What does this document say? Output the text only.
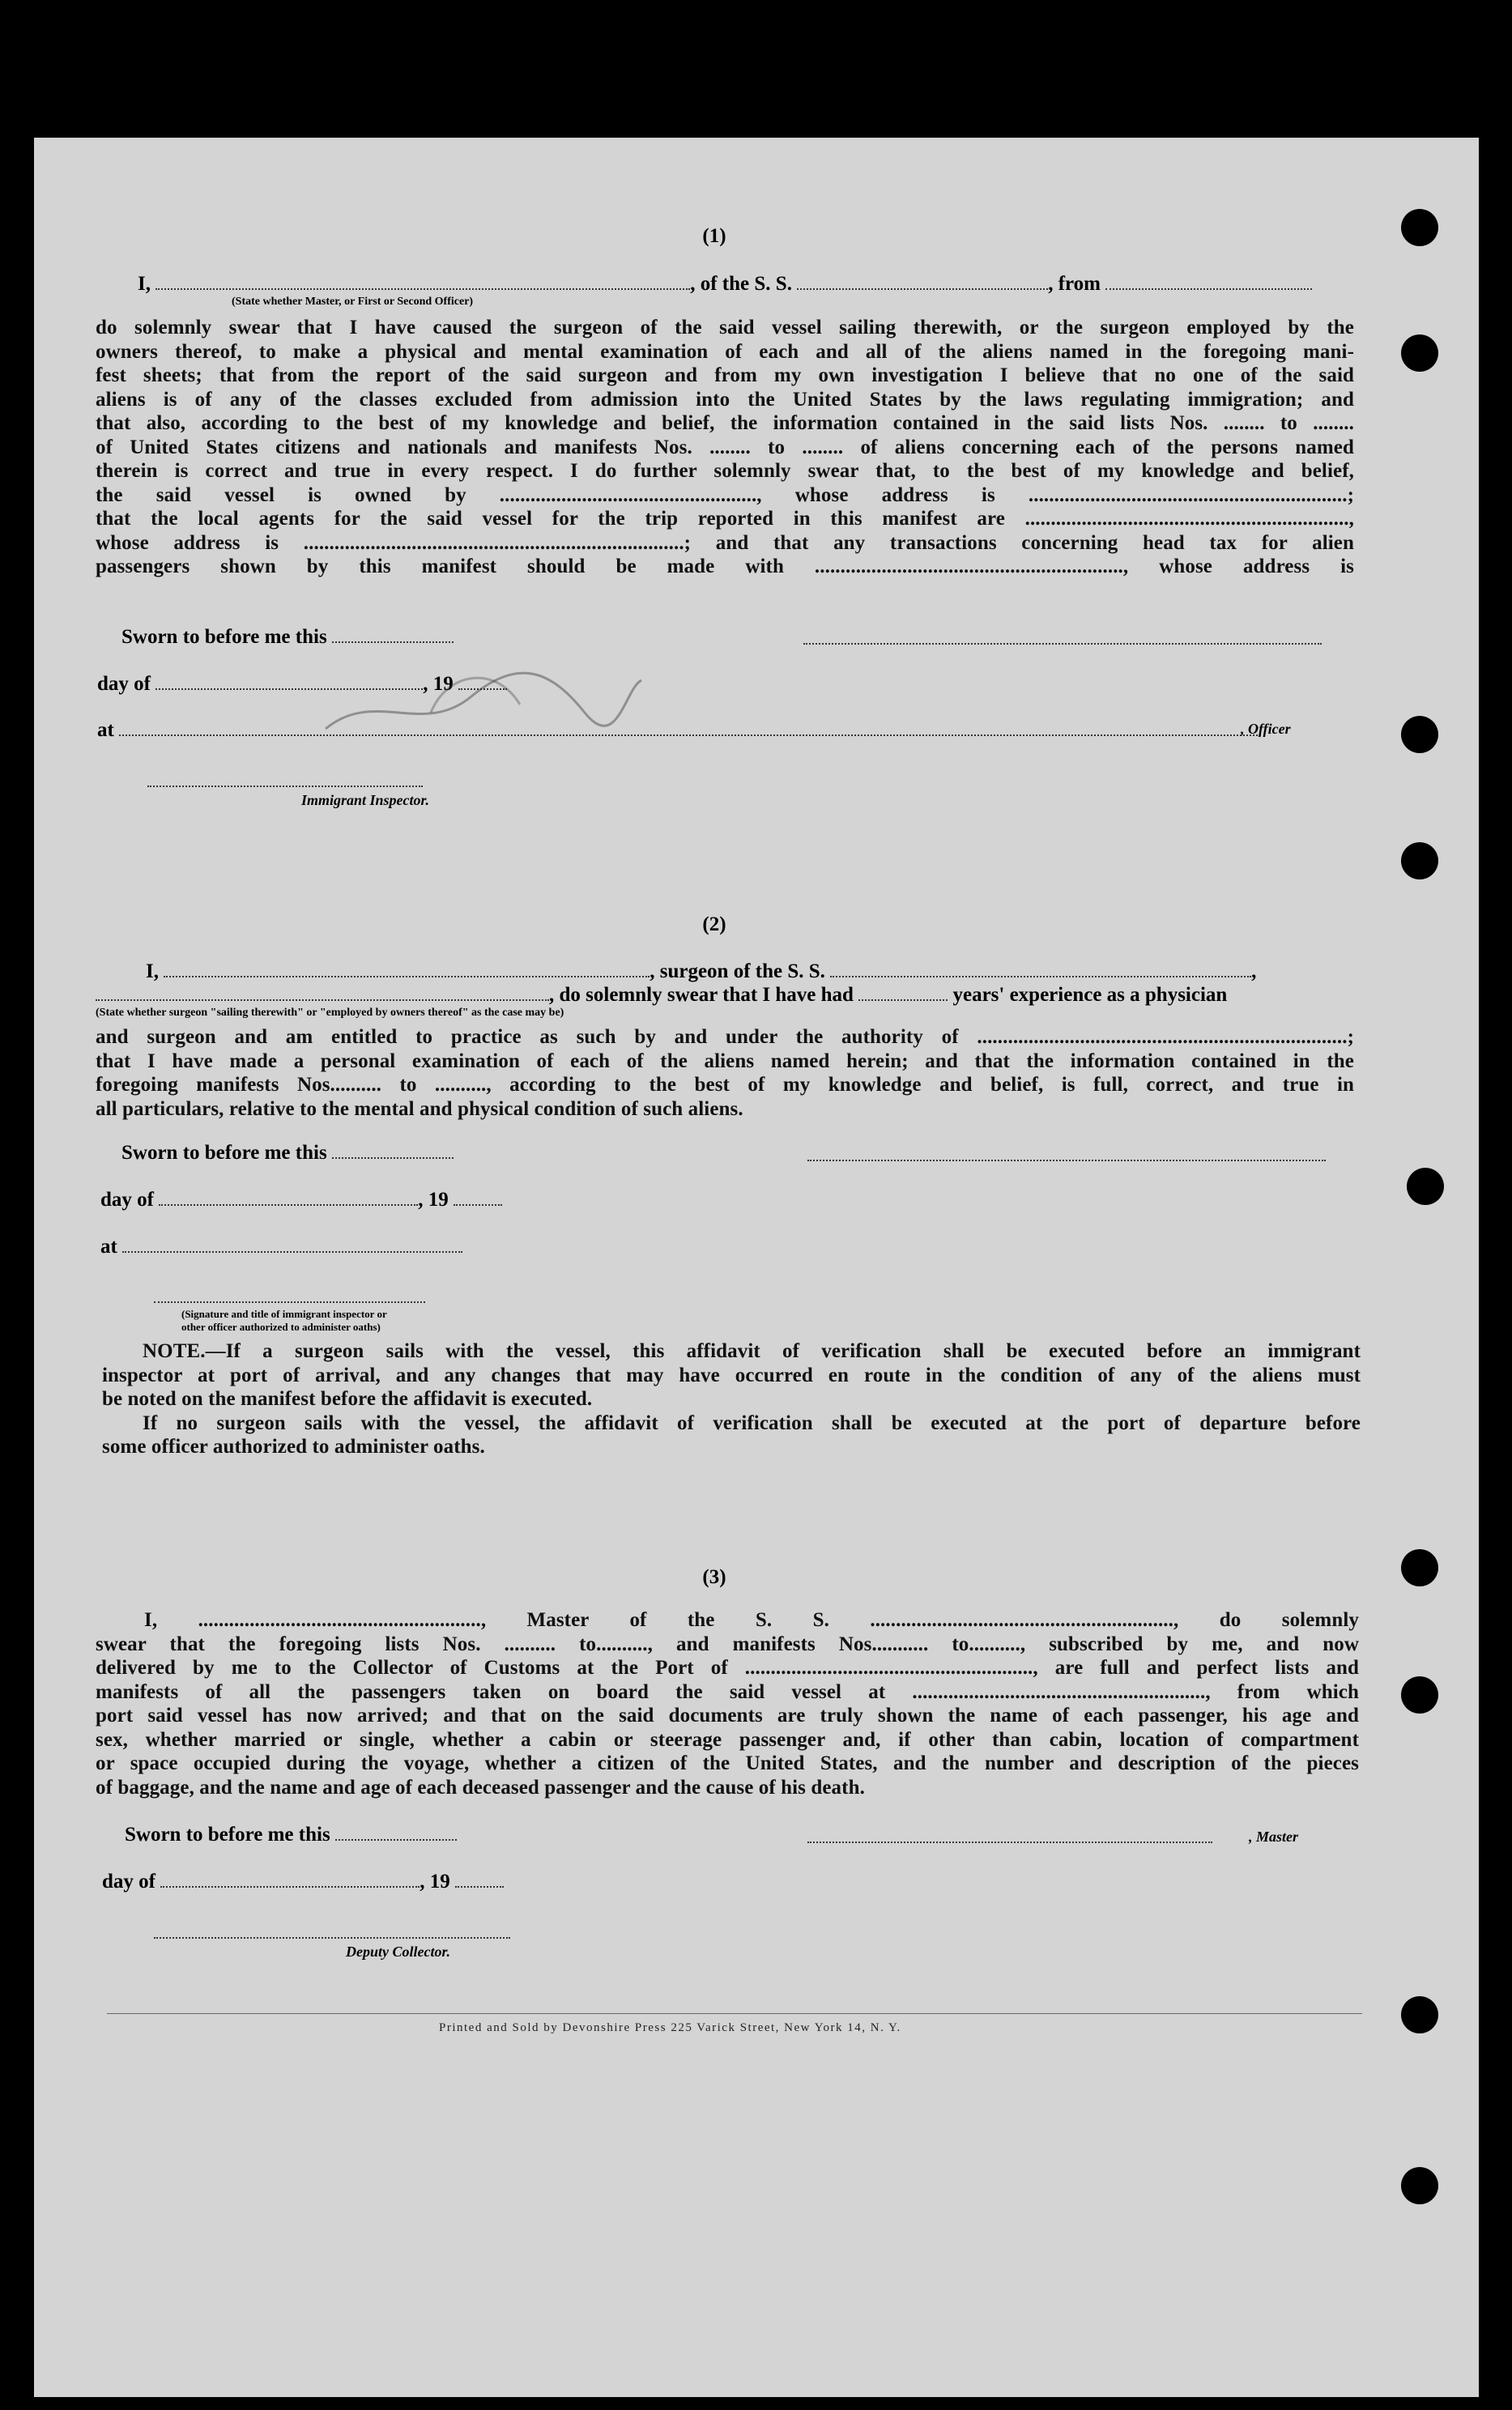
(1)
I,	, of the S. S.	, from
(State whether Master, or First or Second Officer)
do solemnly swear that I have caused the surgeon of the said vessel sailing therewith, or the surgeon employed by the
owners thereof, to make a physical and mental examination of each and all of the aliens named in the foregoing mani-
fest sheets; that from the report of the said surgeon and from my own investigation I believe that no one of the said
aliens is of any of the classes excluded from admission into the United States by the laws regulating immigration; and
that also, according to the best of my knowledge and belief, the information contained in the said lists Nos. ........ to ........
of United States citizens and nationals and manifests Nos. ........ to ........ of aliens concerning each of the persons named
therein is correct and true in every respect. I do further solemnly swear that, to the best of my knowledge and belief,
the said vessel is owned by .................................................., whose address is ..............................................................;
that the local agents for the said vessel for the trip reported in this manifest are ...............................................................,
whose address is ..........................................................................; and that any transactions concerning head tax for alien
passengers shown by this manifest should be made with ............................................................, whose address is
Sworn to before me this
day of	, 19
at	, Officer
Immigrant Inspector.
(2)
I,	, surgeon of the S. S.	,
, do solemnly swear that I have had	years' experience as a physician
(State whether surgeon "sailing therewith" or "employed by owners thereof" as the case may be)
and surgeon and am entitled to practice as such by and under the authority of ........................................................................;
that I have made a personal examination of each of the aliens named herein; and that the information contained in the
foregoing manifests Nos.......... to .........., according to the best of my knowledge and belief, is full, correct, and true in
all particulars, relative to the mental and physical condition of such aliens.
Sworn to before me this
day of	, 19
at
(Signature and title of immigrant inspector or
other officer authorized to administer oaths)
NOTE.—If a surgeon sails with the vessel, this affidavit of verification shall be executed before an immigrant
inspector at port of arrival, and any changes that may have occurred en route in the condition of any of the aliens must
be noted on the manifest before the affidavit is executed.
If no surgeon sails with the vessel, the affidavit of verification shall be executed at the port of departure before
some officer authorized to administer oaths.
(3)
I, ......................................................., Master of the S. S. ..........................................................., do solemnly
swear that the foregoing lists Nos. .......... to.........., and manifests Nos........... to.........., subscribed by me, and now
delivered by me to the Collector of Customs at the Port of ........................................................, are full and perfect lists and
manifests of all the passengers taken on board the said vessel at ........................................................., from which
port said vessel has now arrived; and that on the said documents are truly shown the name of each passenger, his age and
sex, whether married or single, whether a cabin or steerage passenger and, if other than cabin, location of compartment
or space occupied during the voyage, whether a citizen of the United States, and the number and description of the pieces
of baggage, and the name and age of each deceased passenger and the cause of his death.
Sworn to before me this	, Master
day of	, 19
Deputy Collector.
Printed and Sold by Devonshire Press 225 Varick Street, New York 14, N. Y.
